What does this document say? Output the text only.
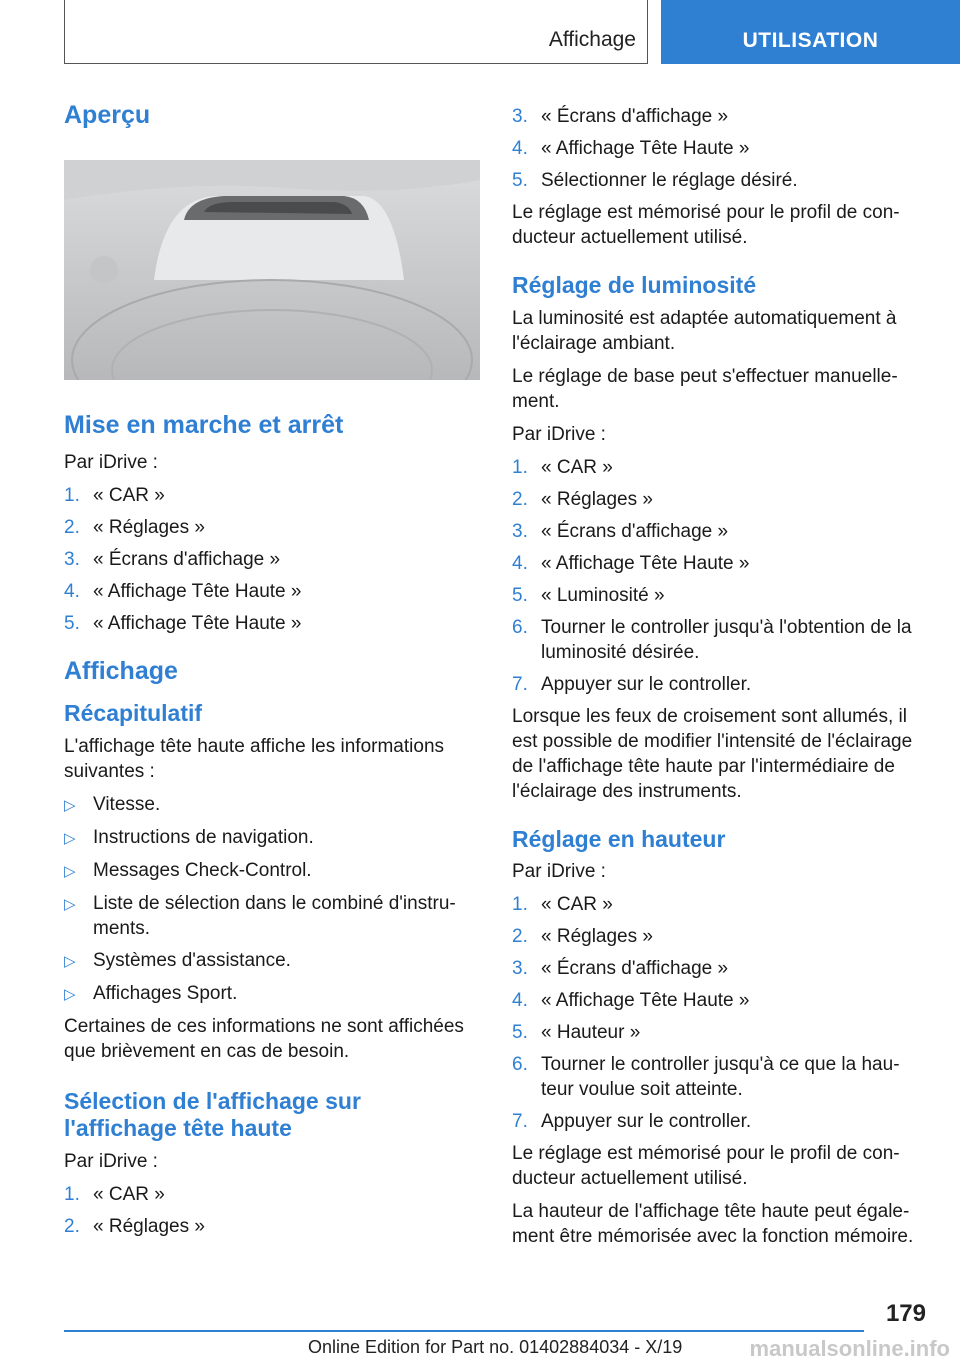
Affichage	UTILISATION
Aperçu
Mise en marche et arrêt

Par iDrive :

1. « CAR »
2. « Réglages »
3. « Écrans d'affichage »
4. « Affichage Tête Haute »
5. « Affichage Tête Haute »
Affichage
Récapitulatif

L'affichage tête haute affiche les informations suivantes :

▷ Vitesse.
▷ Instructions de navigation.
▷ Messages Check-Control.
▷ Liste de sélection dans le combiné d'instruments.
▷ Systèmes d'assistance.
▷ Affichages Sport.

Certaines de ces informations ne sont affichées que brièvement en cas de besoin.

Sélection de l'affichage sur l'affichage tête haute

Par iDrive :

1. « CAR »
2. « Réglages »
3. « Écrans d'affichage »
4. « Affichage Tête Haute »
5. Sélectionner le réglage désiré.

Le réglage est mémorisé pour le profil de conducteur actuellement utilisé.

Réglage de luminosité

La luminosité est adaptée automatiquement à l'éclairage ambiant.

Le réglage de base peut s'effectuer manuellement.

Par iDrive :

1. « CAR »
2. « Réglages »
3. « Écrans d'affichage »
4. « Affichage Tête Haute »
5. « Luminosité »
6. Tourner le controller jusqu'à l'obtention de la luminosité désirée.
7. Appuyer sur le controller.

Lorsque les feux de croisement sont allumés, il est possible de modifier l'intensité de l'éclairage de l'affichage tête haute par l'intermédiaire de l'éclairage des instruments.

Réglage en hauteur

Par iDrive :

1. « CAR »
2. « Réglages »
3. « Écrans d'affichage »
4. « Affichage Tête Haute »
5. « Hauteur »
6. Tourner le controller jusqu'à ce que la hauteur voulue soit atteinte.
7. Appuyer sur le controller.

Le réglage est mémorisé pour le profil de conducteur actuellement utilisé.

La hauteur de l'affichage tête haute peut également être mémorisée avec la fonction mémoire.

179
Online Edition for Part no. 01402884034 - X/19	manualsonline.info
